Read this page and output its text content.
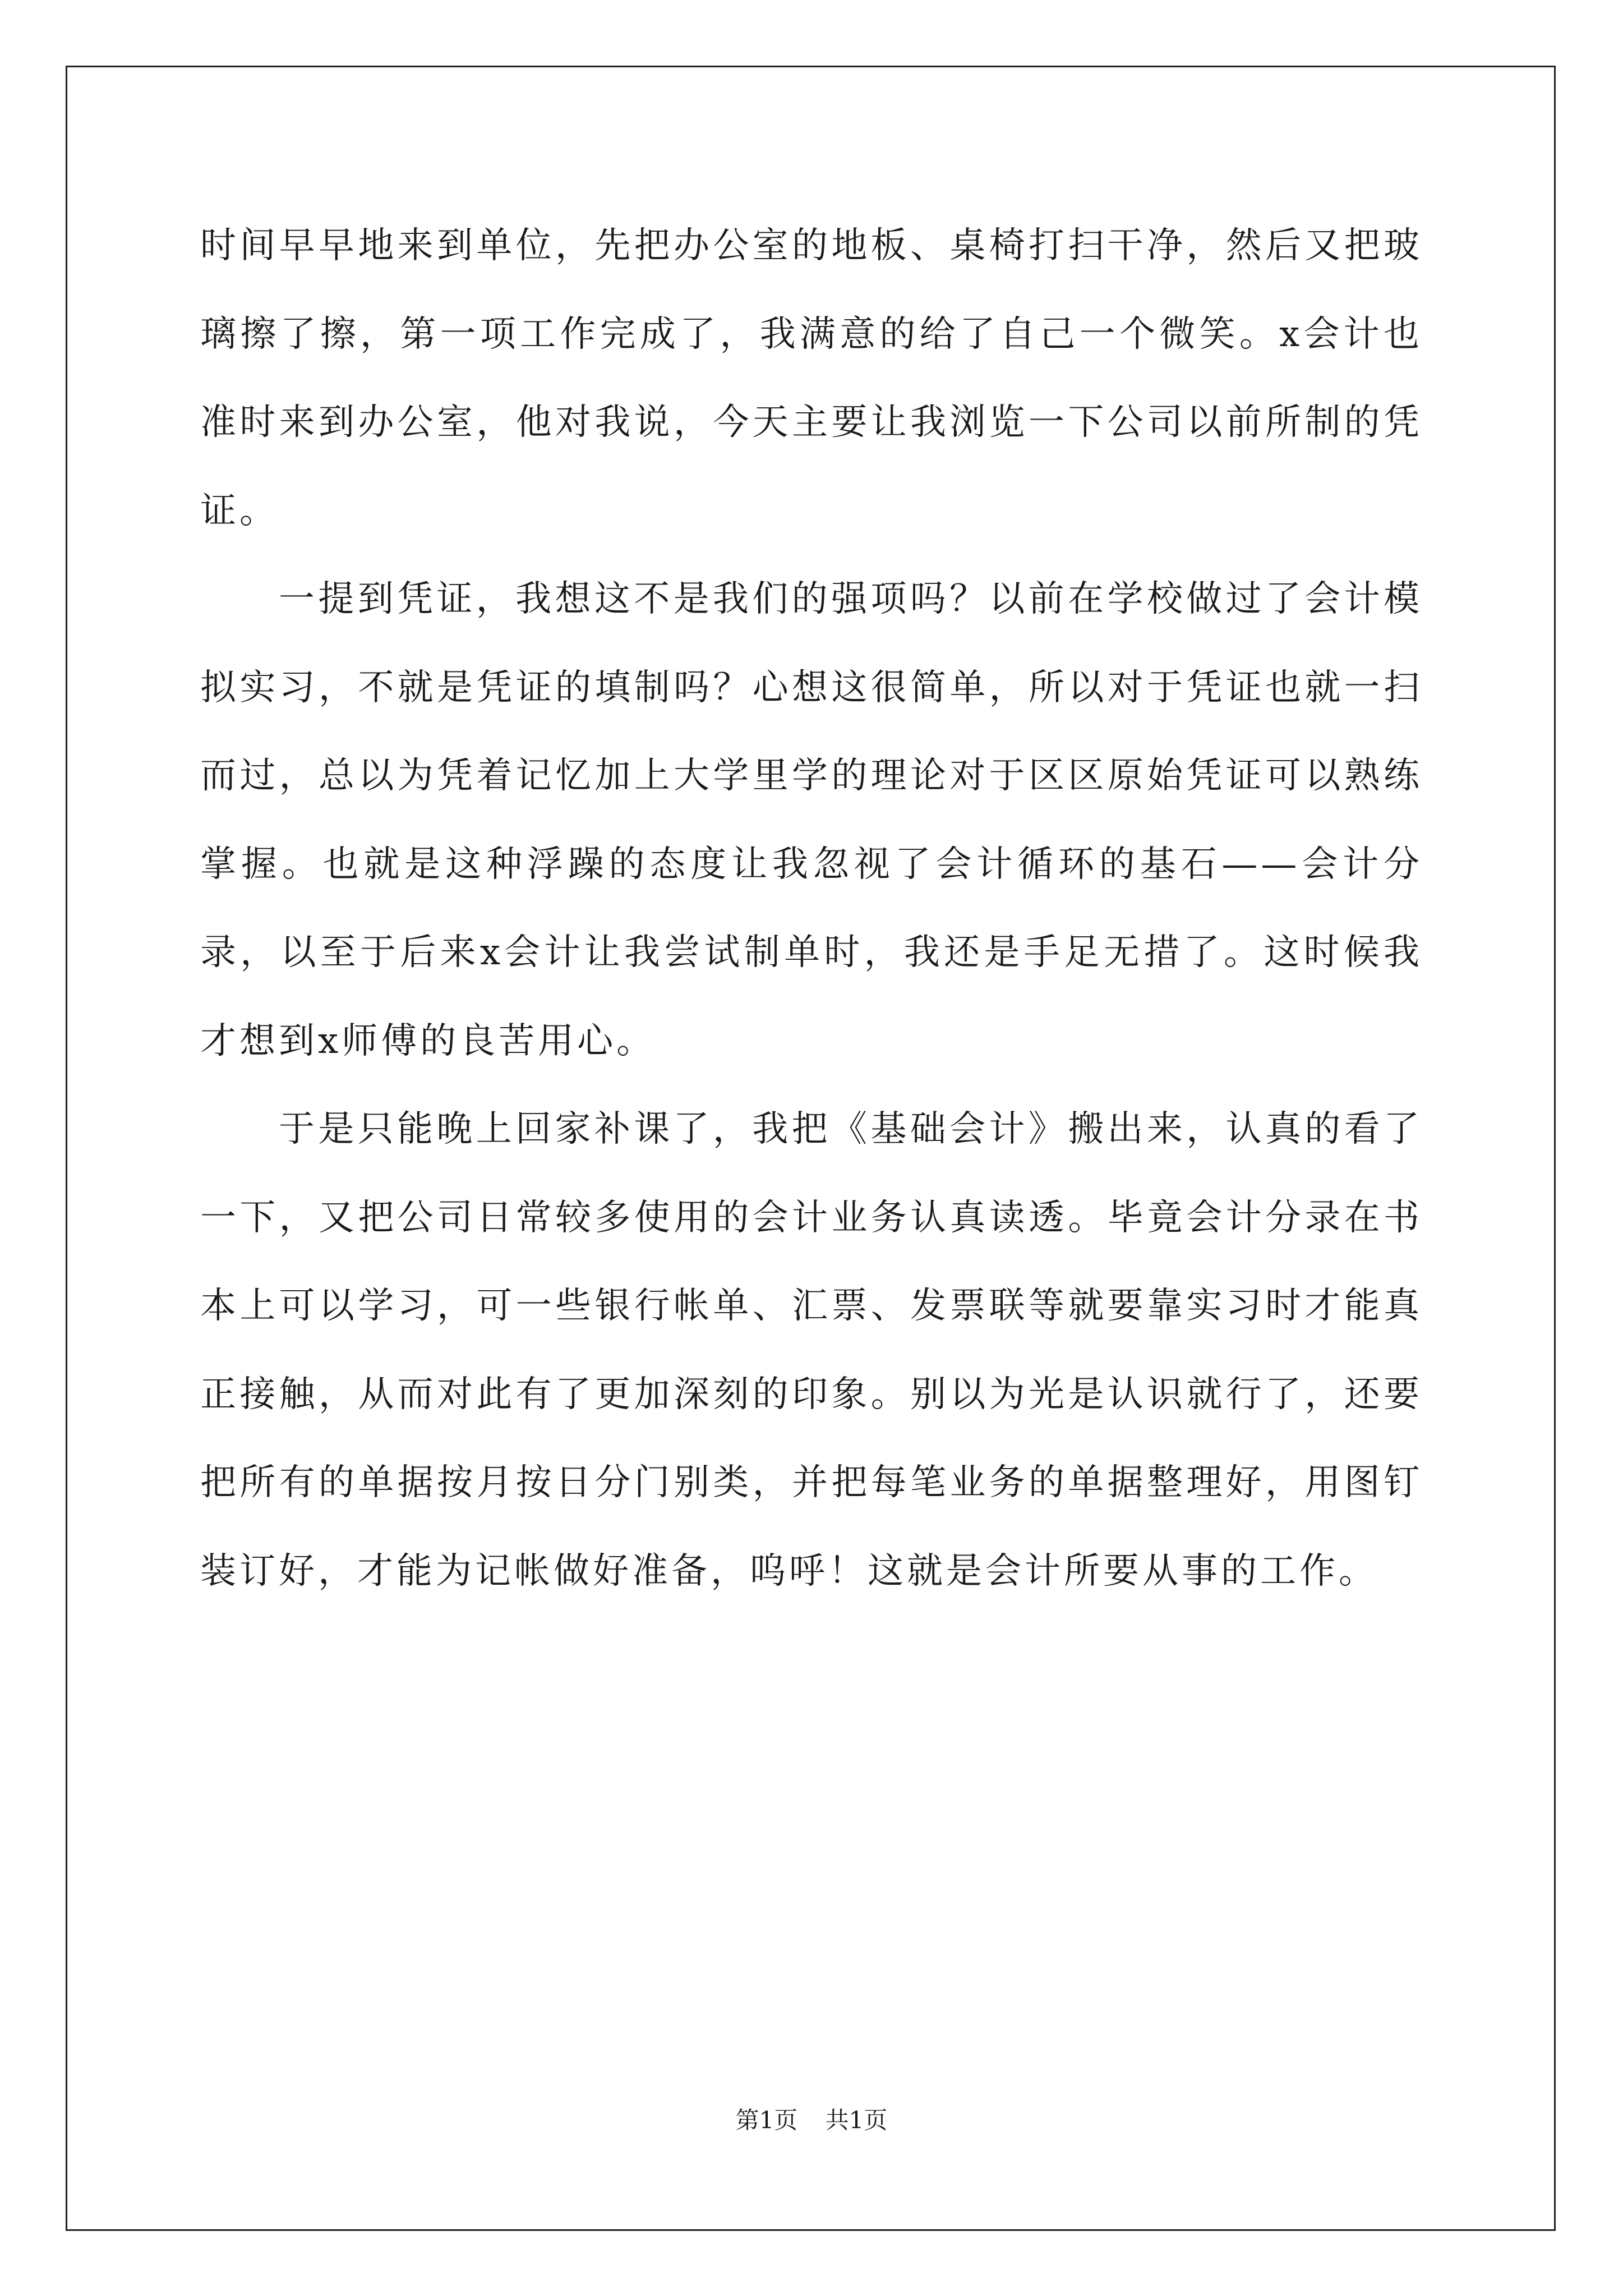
时间早早地来到单位，先把办公室的地板、桌椅打扫干净，然后又把玻璃擦了擦，第一项工作完成了，我满意的给了自己一个微笑。x会计也准时来到办公室，他对我说，今天主要让我浏览一下公司以前所制的凭证。

一提到凭证，我想这不是我们的强项吗？以前在学校做过了会计模拟实习，不就是凭证的填制吗？心想这很简单，所以对于凭证也就一扫而过，总以为凭着记忆加上大学里学的理论对于区区原始凭证可以熟练掌握。也就是这种浮躁的态度让我忽视了会计循环的基石——会计分录，以至于后来x会计让我尝试制单时，我还是手足无措了。这时候我才想到x师傅的良苦用心。

于是只能晚上回家补课了，我把《基础会计》搬出来，认真的看了一下，又把公司日常较多使用的会计业务认真读透。毕竟会计分录在书本上可以学习，可一些银行帐单、汇票、发票联等就要靠实习时才能真正接触，从而对此有了更加深刻的印象。别以为光是认识就行了，还要把所有的单据按月按日分门别类，并把每笔业务的单据整理好，用图钉装订好，才能为记帐做好准备，呜呼！这就是会计所要从事的工作。

第1页 共1页
